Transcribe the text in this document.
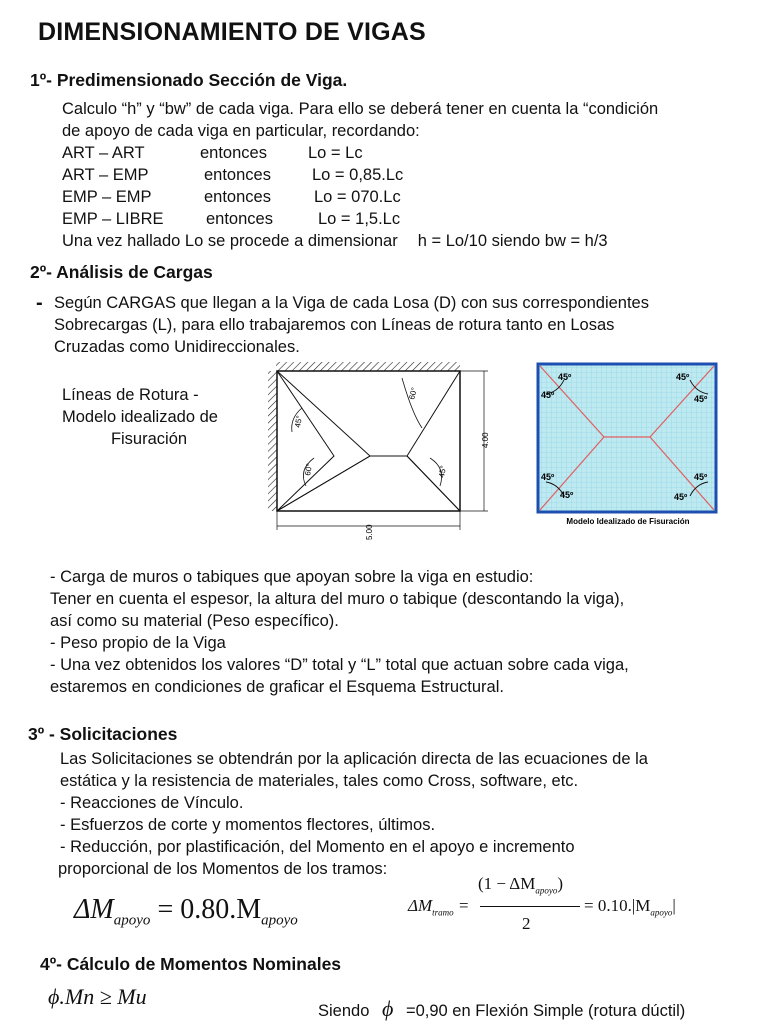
DIMENSIONAMIENTO DE VIGAS
1º- Predimensionado Sección de Viga.
Calculo “h” y “bw” de cada viga. Para ello se deberá tener en cuenta la “condición
de apoyo de cada viga en particular, recordando:
ART – ART	entonces Lo = Lc
ART – EMP	entonces Lo = 0,85.Lc
EMP – EMP	entonces	Lo = 070.Lc
EMP – LIBRE	entonces	Lo = 1,5.Lc
Una vez hallado Lo se procede a dimensionar h = Lo/10 siendo bw = h/3
2º- Análisis de Cargas
- Según CARGAS que llegan a la Viga de cada Losa (D) con sus correspondientes
Sobrecargas (L), para ello trabajaremos con Líneas de rotura tanto en Losas
Cruzadas como Unidireccionales.
Líneas de Rotura -
Modelo idealizado de
Fisuración
60°
45°
60°	45°
4.00
5.00
45º
45º
45º
45º
45º
45º
45º
45º
Modelo Idealizado de Fisuración
- Carga de muros o tabiques que apoyan sobre la viga en estudio:
Tener en cuenta el espesor, la altura del muro o tabique (descontando la viga),
así como su material (Peso específico).
- Peso propio de la Viga
- Una vez obtenidos los valores “D” total y “L” total que actuan sobre cada viga,
estaremos en condiciones de graficar el Esquema Estructural.
3º - Solicitaciones
Las Solicitaciones se obtendrán por la aplicación directa de las ecuaciones de la
estática y la resistencia de materiales, tales como Cross, software, etc.
- Reacciones de Vínculo.
- Esfuerzos de corte y momentos flectores, últimos.
- Reducción, por plastificación, del Momento en el apoyo e incremento
proporcional de los Momentos de los tramos:
$\Delta M_{apoyo} = 0.80.M_{apoyo}$
$\Delta M_{tramo}$ =
$(1 - \Delta M_{apoyo})$
2
= $0.10.|M_{apoyo}|$
4º- Cálculo de Momentos Nominales
ϕ.Mn ≥ Mu
Siendo ϕ =0,90 en Flexión Simple (rotura dúctil)
